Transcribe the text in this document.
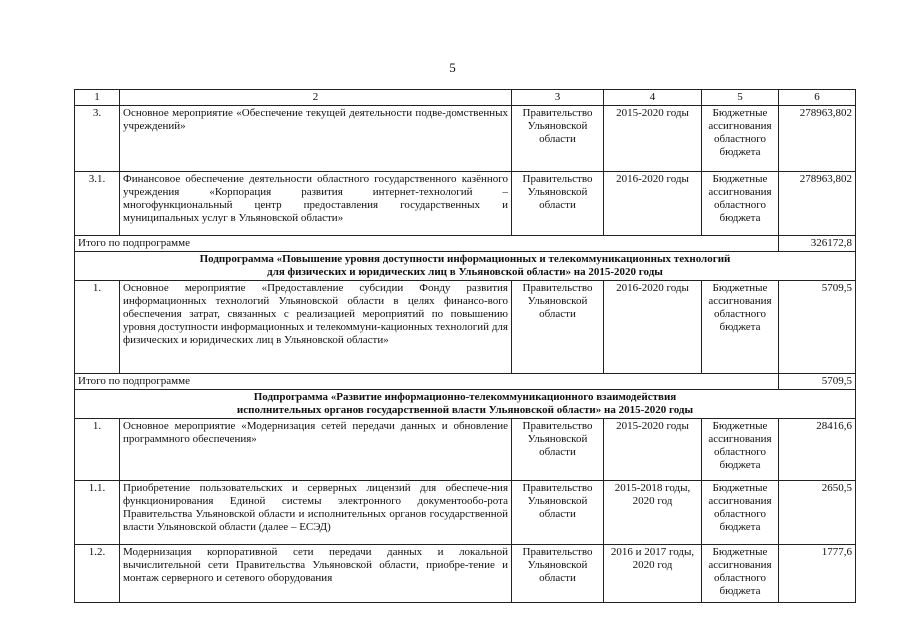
5
1	2	3	4	5	6
3.	Основное мероприятие «Обеспечение текущей деятельности подве-домственных учреждений»	Правительство Ульяновской области	2015-2020 годы	Бюджетные ассигнования областного бюджета	278963,802
3.1.	Финансовое обеспечение деятельности областного государственного казённого учреждения «Корпорация развития интернет-технологий – многофункциональный центр предоставления государственных и муниципальных услуг в Ульяновской области»	Правительство Ульяновской области	2016-2020 годы	Бюджетные ассигнования областного бюджета	278963,802
Итого по подпрограмме					326172,8

Подпрограмма «Повышение уровня доступности информационных и телекоммуникационных технологий
для физических и юридических лиц в Ульяновской области» на 2015-2020 годы					

1.	Основное мероприятие «Предоставление субсидии Фонду развития информационных технологий Ульяновской области в целях финансо-вого обеспечения затрат, связанных с реализацией мероприятий по повышению уровня доступности информационных и телекоммуни-кационных технологий для физических и юридических лиц в Ульяновской области»	Правительство Ульяновской области	2016-2020 годы	Бюджетные ассигнования областного бюджета	5709,5
Итого по подпрограмме					5709,5

Подпрограмма «Развитие информационно-телекоммуникационного взаимодействия
исполнительных органов государственной власти Ульяновской области» на 2015-2020 годы					

1.	Основное мероприятие «Модернизация сетей передачи данных и обновление программного обеспечения»	Правительство Ульяновской области	2015-2020 годы	Бюджетные ассигнования областного бюджета	28416,6
1.1.	Приобретение пользовательских и серверных лицензий для обеспече-ния функционирования Единой системы электронного документообо-рота Правительства Ульяновской области и исполнительных органов государственной власти Ульяновской области (далее – ЕСЭД)	Правительство Ульяновской области	2015-2018 годы, 2020 год	Бюджетные ассигнования областного бюджета	2650,5
1.2.	Модернизация корпоративной сети передачи данных и локальной вычислительной сети Правительства Ульяновской области, приобре-тение и монтаж серверного и сетевого оборудования	Правительство Ульяновской области	2016 и 2017 годы, 2020 год	Бюджетные ассигнования областного бюджета	1777,6
